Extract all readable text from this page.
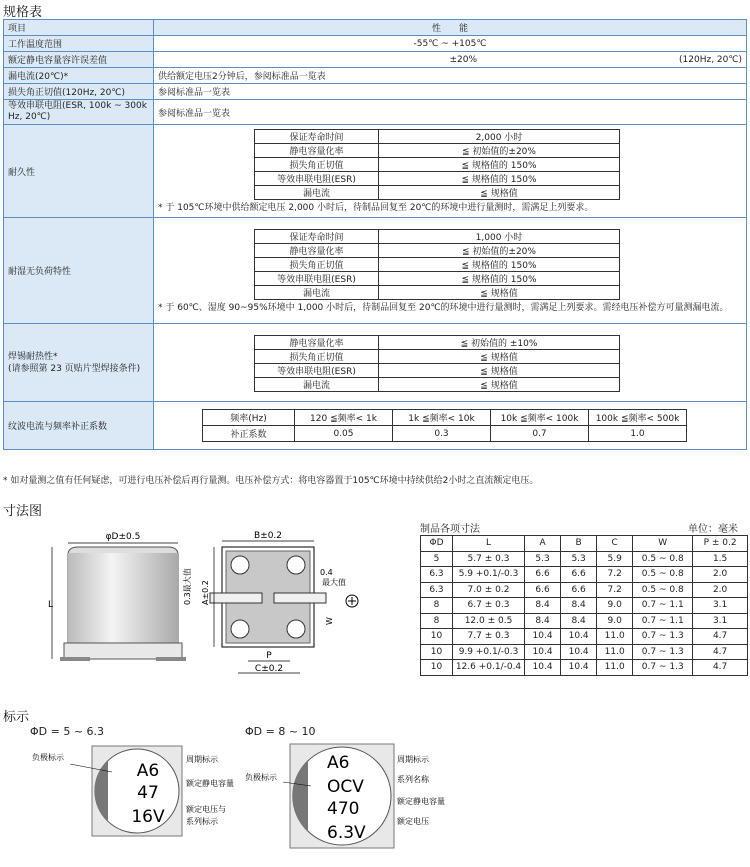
规格表
项目	性　　能
工作温度范围	-55℃ ~ +105℃
额定静电容量容许误差值	±20%	(120Hz, 20℃)
漏电流(20℃)*	供给额定电压2分钟后，参阅标准品一览表
损失角正切值(120Hz, 20℃)	参阅标准品一览表
等效串联电阻(ESR, 100k ~ 300k Hz, 20℃)	参阅标准品一览表
耐久性	
保证寿命时间	2,000 小时
静电容量化率	≦ 初始值的±20%
损失角正切值	≦ 规格值的 150%
等效串联电阻(ESR)	≦ 规格值的 150%
漏电流	≦ 规格值
* 于 105℃环境中供给额定电压 2,000 小时后，待制品回复至 20℃的环境中进行量测时，需满足上列要求。

耐湿无负荷特性	
保证寿命时间	1,000 小时
静电容量化率	≦ 初始值的±20%
损失角正切值	≦ 规格值的 150%
等效串联电阻(ESR)	≦ 规格值的 150%
漏电流	≦ 规格值
* 于 60℃、湿度 90~95%环境中 1,000 小时后，待制品回复至 20℃的环境中进行量测时，需满足上列要求。需经电压补偿方可量测漏电流。

焊锡耐热性*
(请参照第 23 页贴片型焊接条件)

静电容量化率	≦ 初始值的 ±10%
损失角正切值	≦ 规格值
等效串联电阻(ESR)	≦ 规格值
漏电流	≦ 规格值

纹波电流与频率补正系数	
频率(Hz)	120 ≦频率< 1k	1k ≦频率< 10k	10k ≦频率< 100k	100k ≦频率< 500k
补正系数	0.05	0.3	0.7	1.0
* 如对量测之值有任何疑虑，可进行电压补偿后再行量测。电压补偿方式：将电容器置于105℃环境中持续供给2小时之直流额定电压。
寸法图
φD±0.5
L	0.3最大值
B±0.2
A±0.2
0.4
最大值
W
P
C±0.2
制品各项寸法	单位：毫米
ΦD	L	A	B	C	W	P ± 0.2
5	5.7 ± 0.3	5.3	5.3	5.9	0.5 ~ 0.8	1.5
6.3	5.9 +0.1/-0.3	6.6	6.6	7.2	0.5 ~ 0.8	2.0
6.3	7.0 ± 0.2	6.6	6.6	7.2	0.5 ~ 0.8	2.0
8	6.7 ± 0.3	8.4	8.4	9.0	0.7 ~ 1.1	3.1
8	12.0 ± 0.5	8.4	8.4	9.0	0.7 ~ 1.1	3.1
10	7.7 ± 0.3	10.4	10.4	11.0	0.7 ~ 1.3	4.7
10	9.9 +0.1/-0.3	10.4	10.4	11.0	0.7 ~ 1.3	4.7
10	12.6 +0.1/-0.4	10.4	10.4	11.0	0.7 ~ 1.3	4.7
标示
ΦD = 5 ~ 6.3
A6
47
16V
负极标示	周期标示
额定静电容量
额定电压与
系列标示
ΦD = 8 ~ 10
A6
OCV
470
6.3V
负极标示
周期标示
系列名称
额定静电容量
额定电压
